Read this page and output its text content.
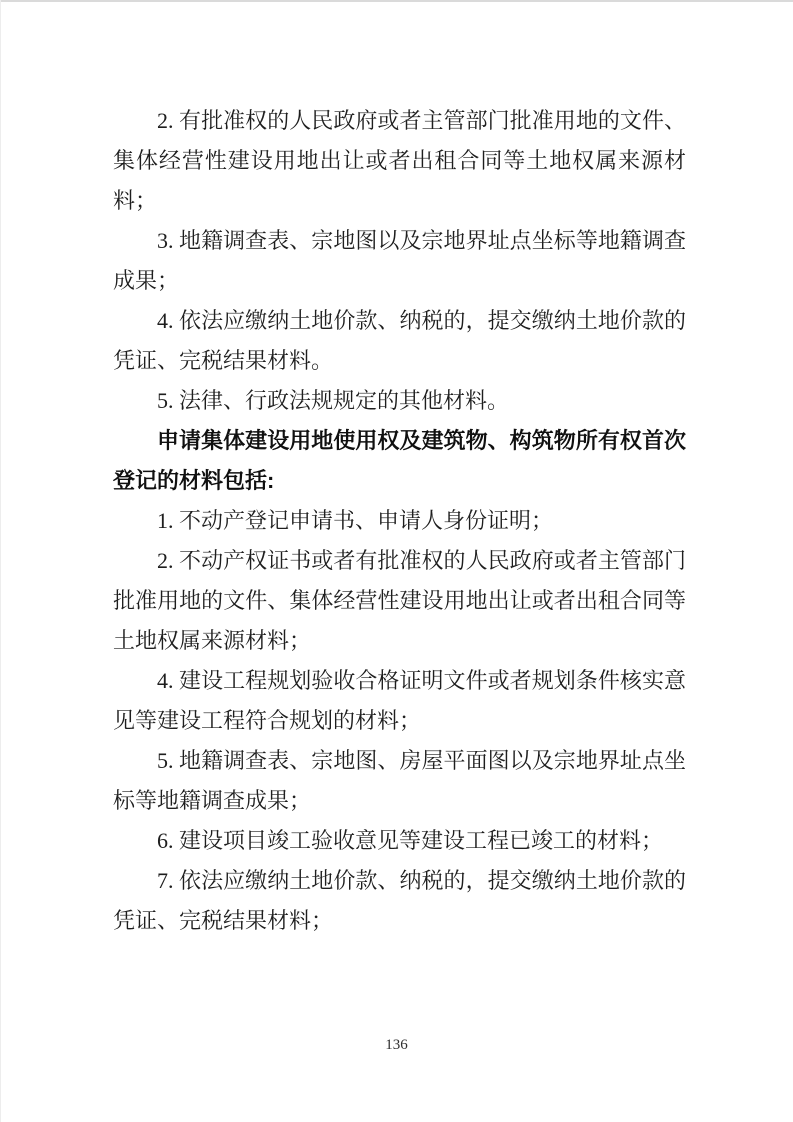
2. 有批准权的人民政府或者主管部门批准用地的文件、集体经营性建设用地出让或者出租合同等土地权属来源材料；

3. 地籍调查表、宗地图以及宗地界址点坐标等地籍调查成果；

4. 依法应缴纳土地价款、纳税的，提交缴纳土地价款的凭证、完税结果材料。

5. 法律、行政法规规定的其他材料。

申请集体建设用地使用权及建筑物、构筑物所有权首次登记的材料包括:

1. 不动产登记申请书、申请人身份证明；

2. 不动产权证书或者有批准权的人民政府或者主管部门批准用地的文件、集体经营性建设用地出让或者出租合同等土地权属来源材料；

4. 建设工程规划验收合格证明文件或者规划条件核实意见等建设工程符合规划的材料；

5. 地籍调查表、宗地图、房屋平面图以及宗地界址点坐标等地籍调查成果；

6. 建设项目竣工验收意见等建设工程已竣工的材料；

7. 依法应缴纳土地价款、纳税的，提交缴纳土地价款的凭证、完税结果材料；

136
